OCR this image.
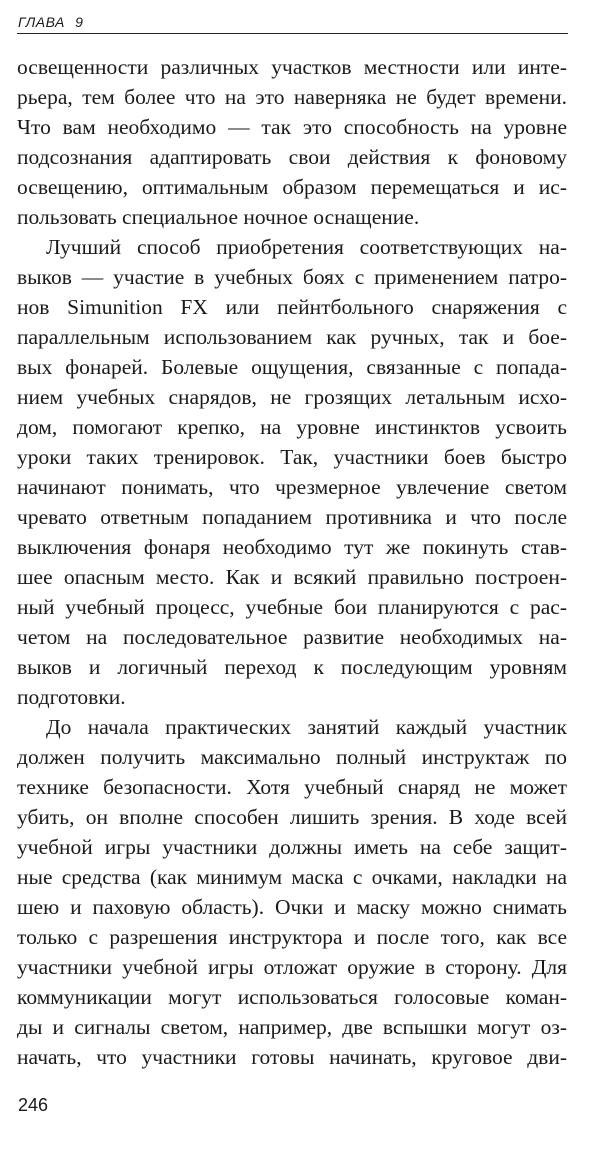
ГЛАВА 9
освещенности различных участков местности или инте-
рьера, тем более что на это наверняка не будет времени.
Что вам необходимо — так это способность на уровне
подсознания адаптировать свои действия к фоновому
освещению, оптимальным образом перемещаться и ис-
пользовать специальное ночное оснащение.
Лучший способ приобретения соответствующих на-
выков — участие в учебных боях с применением патро-
нов Simunition FX или пейнтбольного снаряжения с
параллельным использованием как ручных, так и бое-
вых фонарей. Болевые ощущения, связанные с попада-
нием учебных снарядов, не грозящих летальным исхо-
дом, помогают крепко, на уровне инстинктов усвоить
уроки таких тренировок. Так, участники боев быстро
начинают понимать, что чрезмерное увлечение светом
чревато ответным попаданием противника и что после
выключения фонаря необходимо тут же покинуть став-
шее опасным место. Как и всякий правильно построен-
ный учебный процесс, учебные бои планируются с рас-
четом на последовательное развитие необходимых на-
выков и логичный переход к последующим уровням
подготовки.
До начала практических занятий каждый участник
должен получить максимально полный инструктаж по
технике безопасности. Хотя учебный снаряд не может
убить, он вполне способен лишить зрения. В ходе всей
учебной игры участники должны иметь на себе защит-
ные средства (как минимум маска с очками, накладки на
шею и паховую область). Очки и маску можно снимать
только с разрешения инструктора и после того, как все
участники учебной игры отложат оружие в сторону. Для
коммуникации могут использоваться голосовые коман-
ды и сигналы светом, например, две вспышки могут оз-
начать, что участники готовы начинать, круговое дви-
246
